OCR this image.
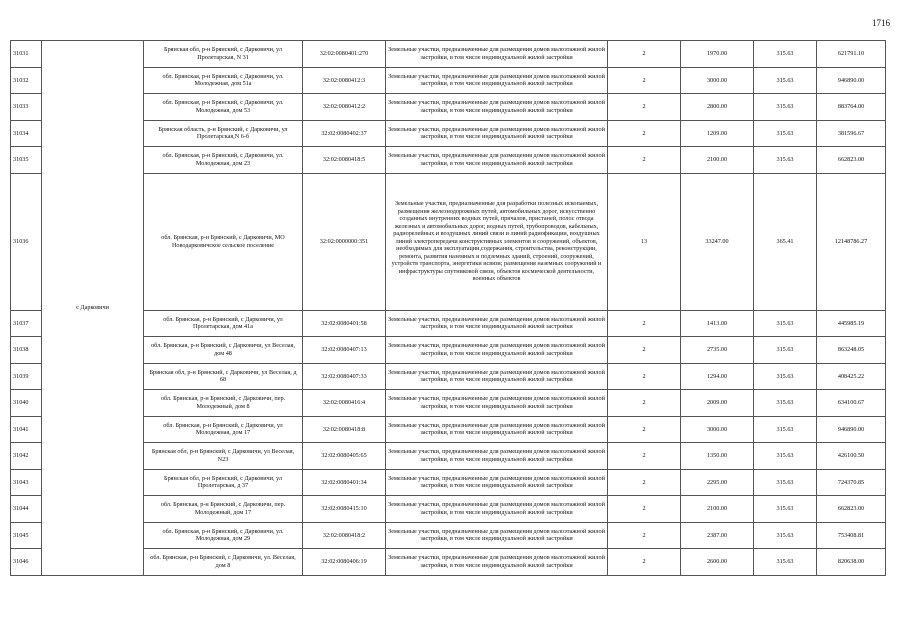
1716
31031	с Дарковичи	Брянская обл, р-н Брянский, с Дарковичи, ул Пролетарская, N 31	32:02:0080401:270	Земельные участки, предназначенные для размещения домов малоэтажной жилой застройки, в том числе индивидуальной жилой застройки	2	1970.00	315.63	621791.10
31032		обл. Брянская, р-н Брянский, с Дарковичи, ул. Молодежная, дом 51а	32:02:0080412:3	Земельные участки, предназначенные для размещения домов малоэтажной жилой застройки, в том числе индивидуальной жилой застройки	2	3000.00	315.63	946890.00
31033		обл. Брянская, р-н Брянский, с Дарковичи, ул. Молодежная, дом 53	32:02:0080412:2	Земельные участки, предназначенные для размещения домов малоэтажной жилой застройки, в том числе индивидуальной жилой застройки	2	2800.00	315.63	883764.00
31034		Брянская область, р-н Брянский, с Дарковичи, ул Пролетарская,N 6-б	32:02:0080402:37	Земельные участки, предназначенные для размещения домов малоэтажной жилой застройки, в том числе индивидуальной жилой застройки	2	1209.00	315.63	381596.67
31035		обл. Брянская, р-н Брянский, с Дарковичи, ул. Молодежная, дом 23	32:02:0080418:5	Земельные участки, предназначенные для размещения домов малоэтажной жилой застройки, в том числе индивидуальной жилой застройки	2	2100.00	315.63	662823.00
31036		обл. Брянская, р-н Брянский, с Дарковичи, МО Новодарковичское сельское поселение	32:02:0000000:351	Земельные участки, предназначенные для разработки полезных ископаемых, размещения железнодорожных путей, автомобильных дорог, искусственно созданных внутренних водных путей, причалов, пристаней, полос отвода железных и автомобильных дорог, водных путей, трубопроводов, кабельных, радиорелейных и воздушных линий связи и линий радиофикации, воздушных линий электропередачи конструктивных элементов и сооружений, объектов, необходимых для эксплуатации,содержания, строительства, реконструкции, ремонта, развития наземных и подземных зданий, строений, сооружений, устройств транспорта, энергетики исвязи; размещения наземных сооружений и инфраструктуры спутниковой связи, объектов космической деятельности, военных объектов	13	33247.00	365.41	12148786.27
31037		обл. Брянская, р-н Брянский, с Дарковичи, ул Пролетарская, дом 41а	32:02:0080401:58	Земельные участки, предназначенные для размещения домов малоэтажной жилой застройки, в том числе индивидуальной жилой застройки	2	1413.00	315.63	445985.19
31038		обл. Брянская, р-н Брянский, с Дарковичи, ул Веселая, дом 48	32:02:0080407:13	Земельные участки, предназначенные для размещения домов малоэтажной жилой застройки, в том числе индивидуальной жилой застройки	2	2735.00	315.63	863248.05
31039		Брянская обл, р-н Брянский, с Дарковичи, ул Веселая, д 68	32:02:0080407:33	Земельные участки, предназначенные для размещения домов малоэтажной жилой застройки, в том числе индивидуальной жилой застройки	2	1294.00	315.63	408425.22
31040		обл. Брянская, р-н Брянский, с Дарковичи, пер. Молодежный, дом 8	32:02:0080416:4	Земельные участки, предназначенные для размещения домов малоэтажной жилой застройки, в том числе индивидуальной жилой застройки	2	2009.00	315.63	634100.67
31041		обл. Брянская, р-н Брянский, с Дарковичи, ул Молодежная, дом 17	32:02:0080418:8	Земельные участки, предназначенные для размещения домов малоэтажной жилой застройки, в том числе индивидуальной жилой застройки	2	3000.00	315.63	946890.00
31042		Брянская обл, р-н Брянский, с Дарковичи, ул Веселая, N23	32:02:0080405:65	Земельные участки, предназначенные для размещения домов малоэтажной жилой застройки, в том числе индивидуальной жилой застройки	2	1350.00	315.63	426100.50
31043		Брянская обл, р-н Брянский, с Дарковичи, ул Пролетарская, д 37	32:02:0080401:34	Земельные участки, предназначенные для размещения домов малоэтажной жилой застройки, в том числе индивидуальной жилой застройки	2	2295.00	315.63	724370.85
31044		обл. Брянская, р-н Брянский, с Дарковичи, пер. Молодежный, дом 17	32:02:0080415:10	Земельные участки, предназначенные для размещения домов малоэтажной жилой застройки, в том числе индивидуальной жилой застройки	2	2100.00	315.63	662823.00
31045		обл. Брянская, р-н Брянский, с Дарковичи, ул. Молодежная, дом 29	32:02:0080418:2	Земельные участки, предназначенные для размещения домов малоэтажной жилой застройки, в том числе индивидуальной жилой застройки	2	2387.00	315.63	753408.81
31046		обл. Брянская, р-н Брянский, с Дарковичи, ул. Веселая, дом 8	32:02:0080406:19	Земельные участки, предназначенные для размещения домов малоэтажной жилой застройки, в том числе индивидуальной жилой застройки	2	2600.00	315.63	820638.00
